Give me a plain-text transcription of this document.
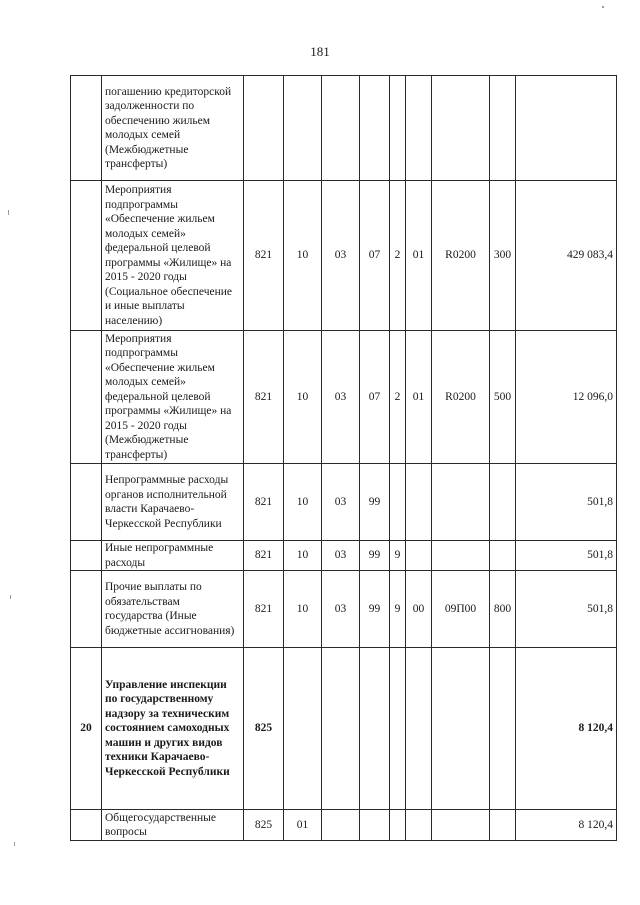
181
	погашению кредиторской задолженности по обеспечению жильем молодых семей (Межбюджетные трансферты)									
	Мероприятия подпрограммы «Обеспечение жильем молодых семей» федеральной целевой программы «Жилище» на 2015 - 2020 годы (Социальное обеспечение и иные выплаты населению)	821	10	03	07	2	01	R0200	300	429 083,4
	Мероприятия подпрограммы «Обеспечение жильем молодых семей» федеральной целевой программы «Жилище» на 2015 - 2020 годы (Межбюджетные трансферты)	821	10	03	07	2	01	R0200	500	12 096,0
	Непрограммные расходы органов исполнительной власти Карачаево-Черкесской Республики	821	10	03	99					501,8
	Иные непрограммные расходы	821	10	03	99	9				501,8
	Прочие выплаты по обязательствам государства (Иные бюджетные ассигнования)	821	10	03	99	9	00	09П00	800	501,8
20	Управление инспекции по государственному надзору за техническим состоянием самоходных машин и других видов техники Карачаево-Черкесской Республики	825								8 120,4
	Общегосударственные вопросы	825	01							8 120,4
